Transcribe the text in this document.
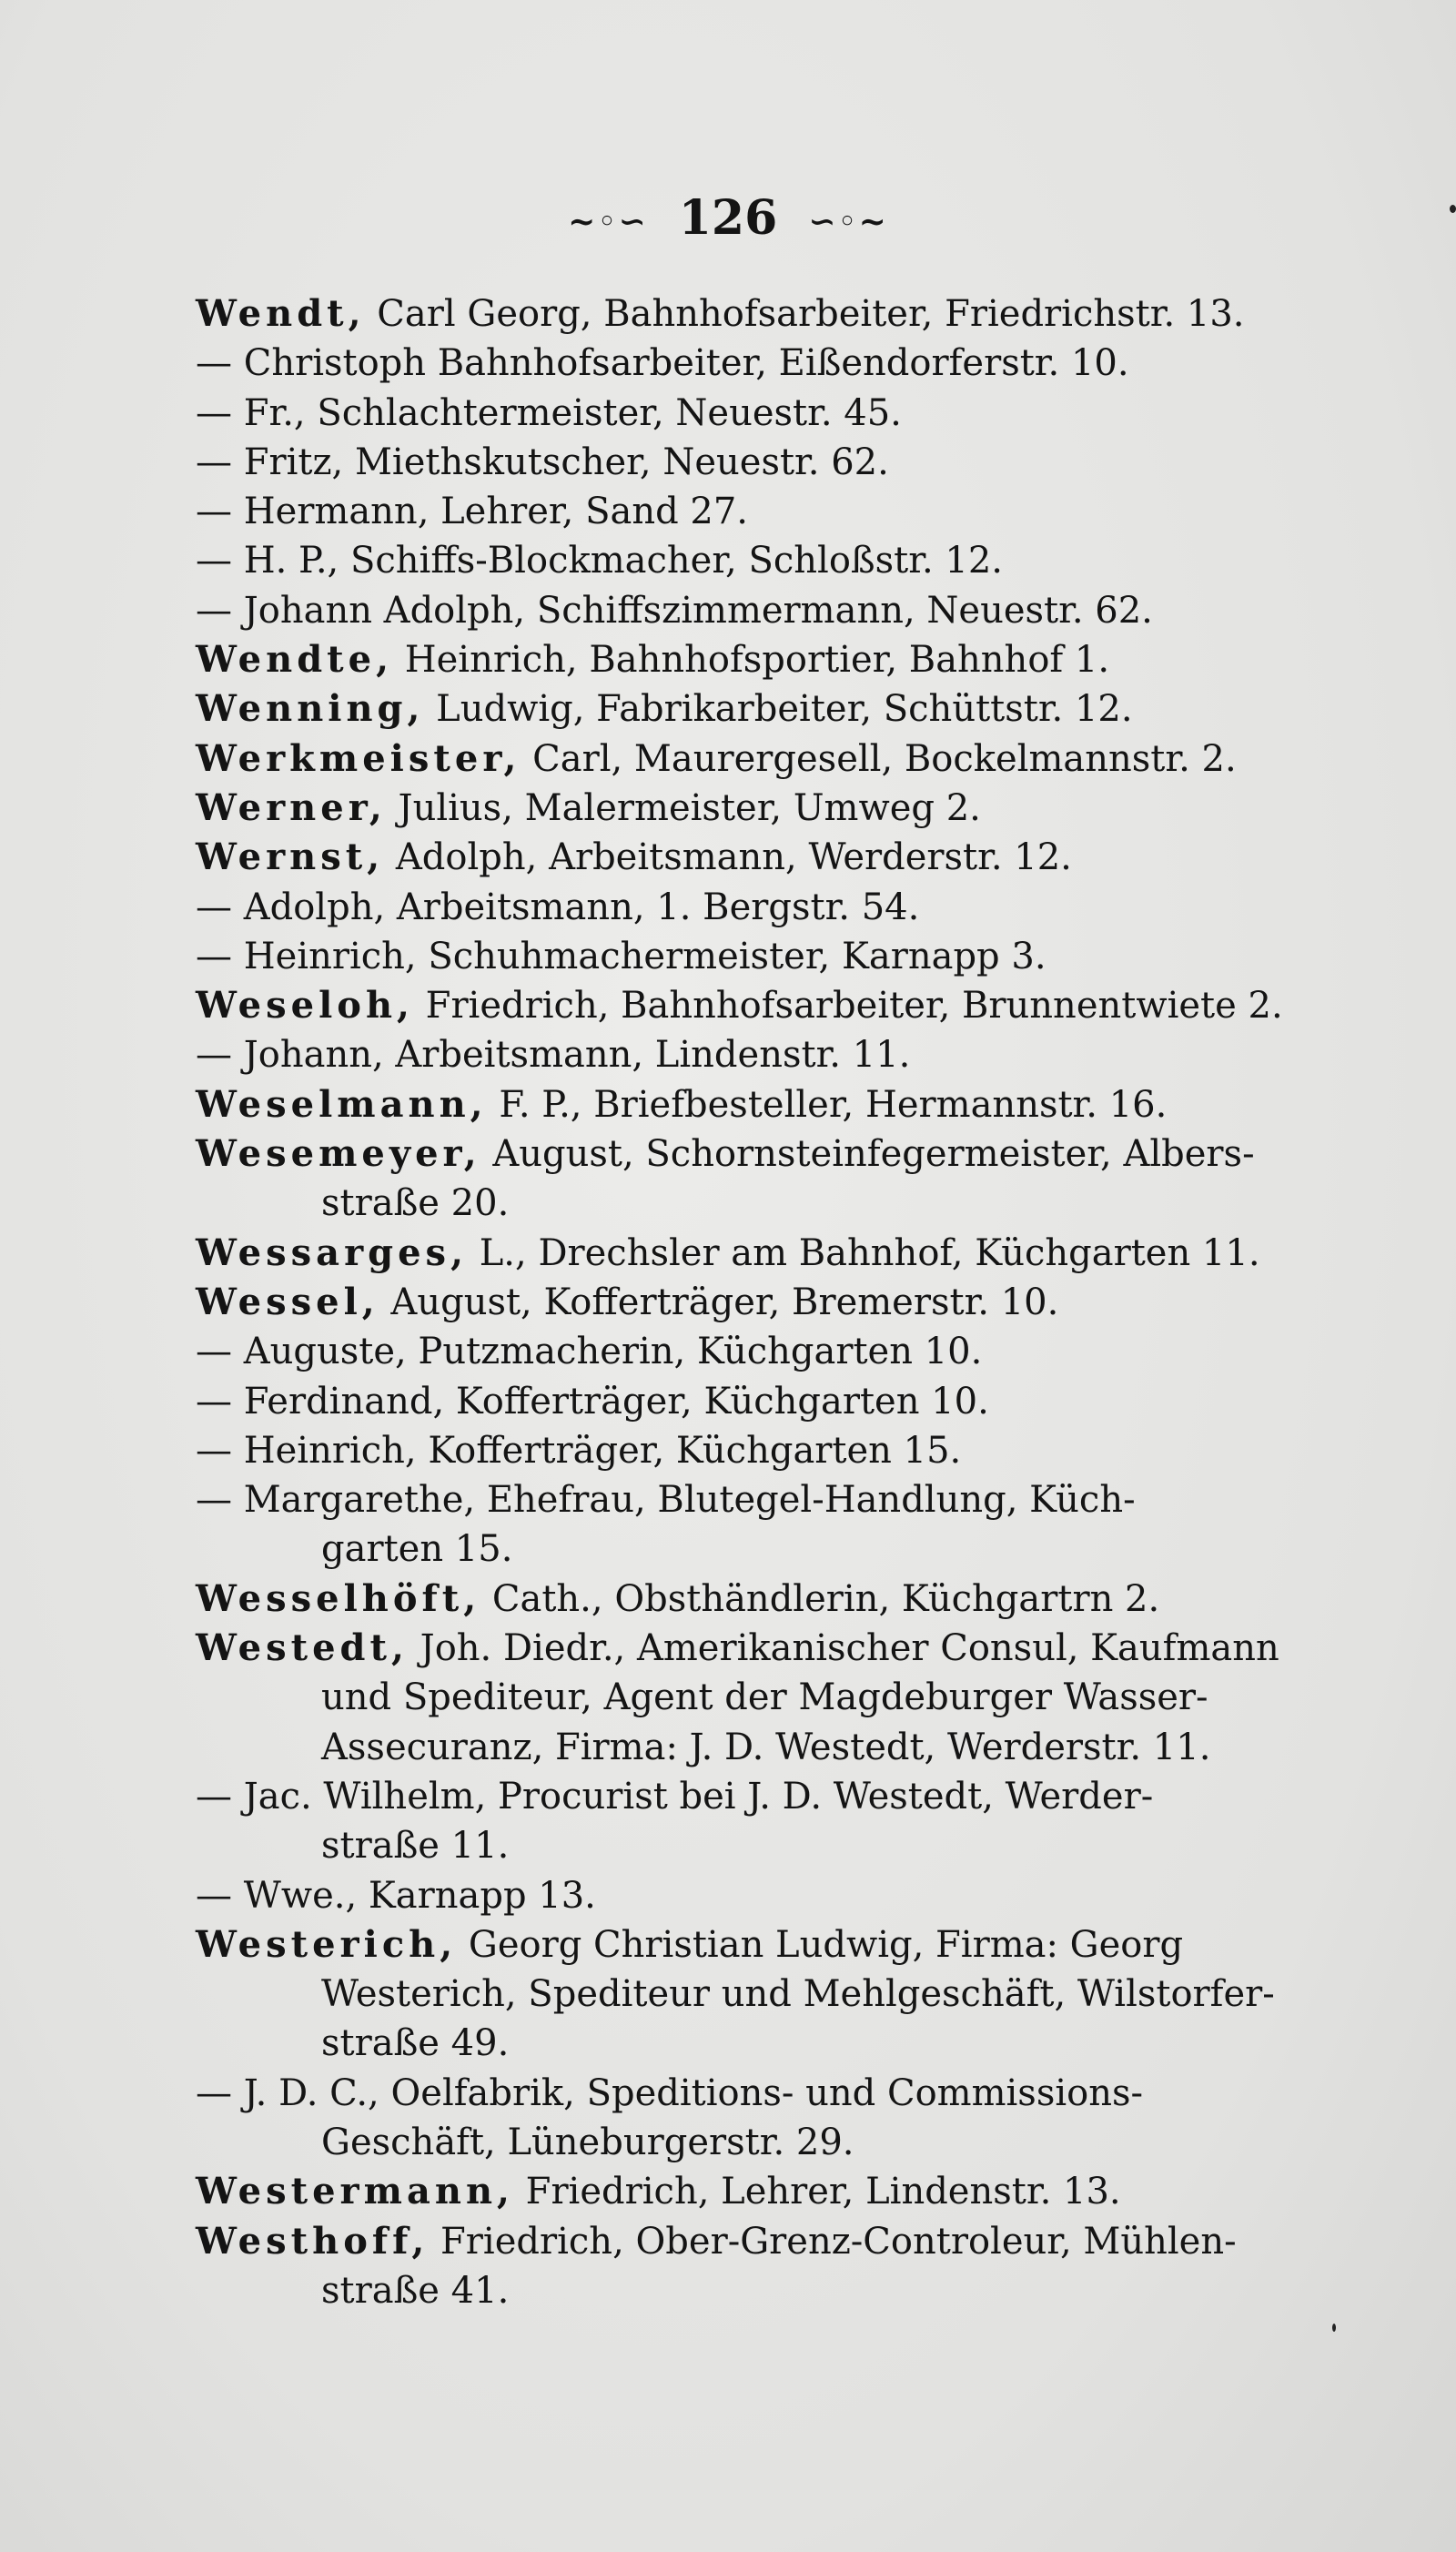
~◦∽ 126 ∽◦~
Wendt, Carl Georg, Bahnhofsarbeiter, Friedrichstr. 13.
— Christoph Bahnhofsarbeiter, Eißendorferstr. 10.
— Fr., Schlachtermeister, Neuestr. 45.
— Fritz, Miethskutscher, Neuestr. 62.
— Hermann, Lehrer, Sand 27.
— H. P., Schiffs-Blockmacher, Schloßstr. 12.
— Johann Adolph, Schiffszimmermann, Neuestr. 62.
Wendte, Heinrich, Bahnhofsportier, Bahnhof 1.
Wenning, Ludwig, Fabrikarbeiter, Schüttstr. 12.
Werkmeister, Carl, Maurergesell, Bockelmannstr. 2.
Werner, Julius, Malermeister, Umweg 2.
Wernst, Adolph, Arbeitsmann, Werderstr. 12.
— Adolph, Arbeitsmann, 1. Bergstr. 54.
— Heinrich, Schuhmachermeister, Karnapp 3.
Weseloh, Friedrich, Bahnhofsarbeiter, Brunnentwiete 2.
— Johann, Arbeitsmann, Lindenstr. 11.
Weselmann, F. P., Briefbesteller, Hermannstr. 16.
Wesemeyer, August, Schornsteinfegermeister, Albers-
straße 20.
Wessarges, L., Drechsler am Bahnhof, Küchgarten 11.
Wessel, August, Kofferträger, Bremerstr. 10.
— Auguste, Putzmacherin, Küchgarten 10.
— Ferdinand, Kofferträger, Küchgarten 10.
— Heinrich, Kofferträger, Küchgarten 15.
— Margarethe, Ehefrau, Blutegel-Handlung, Küch-
garten 15.
Wesselhöft, Cath., Obsthändlerin, Küchgartrn 2.
Westedt, Joh. Diedr., Amerikanischer Consul, Kaufmann
und Spediteur, Agent der Magdeburger Wasser-
Assecuranz, Firma: J. D. Westedt, Werderstr. 11.
— Jac. Wilhelm, Procurist bei J. D. Westedt, Werder-
straße 11.
— Wwe., Karnapp 13.
Westerich, Georg Christian Ludwig, Firma: Georg
Westerich, Spediteur und Mehlgeschäft, Wilstorfer-
straße 49.
— J. D. C., Oelfabrik, Speditions- und Commissions-
Geschäft, Lüneburgerstr. 29.
Westermann, Friedrich, Lehrer, Lindenstr. 13.
Westhoff, Friedrich, Ober-Grenz-Controleur, Mühlen-
straße 41.
